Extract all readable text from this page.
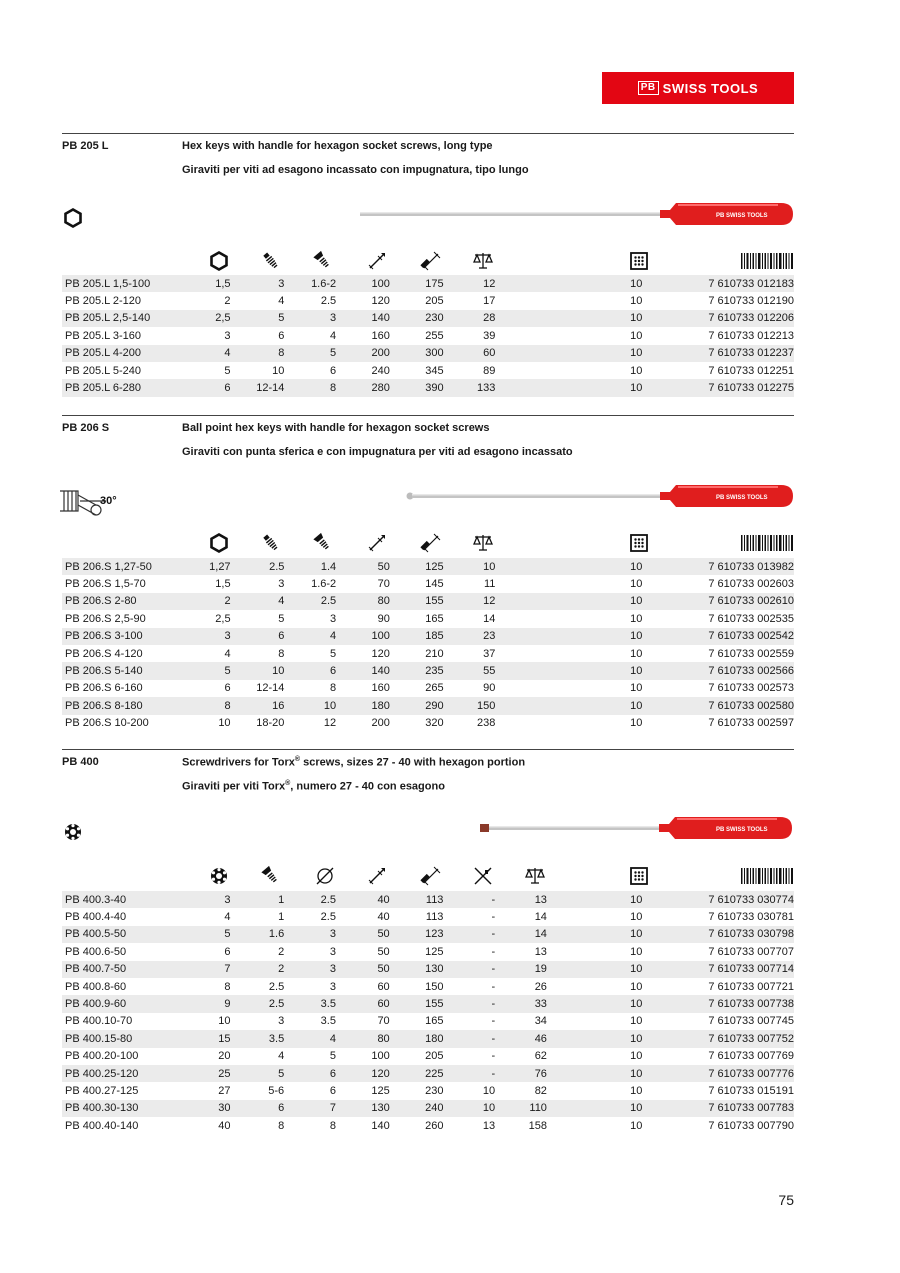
PB SWISS TOOLS
PB 205 L	Hex keys with handle for hexagon socket screws, long type
Giraviti per viti ad esagono incassato con impugnatura, tipo lungo
PB SWISS TOOLS
PB 205.L 1,5-100	1,5	3	1.6-2	100	175	12	10	7 610733 012183
PB 205.L 2-120	2	4	2.5	120	205	17	10	7 610733 012190
PB 205.L 2,5-140	2,5	5	3	140	230	28	10	7 610733 012206
PB 205.L 3-160	3	6	4	160	255	39	10	7 610733 012213
PB 205.L 4-200	4	8	5	200	300	60	10	7 610733 012237
PB 205.L 5-240	5	10	6	240	345	89	10	7 610733 012251
PB 205.L 6-280	6	12-14	8	280	390	133	10	7 610733 012275
PB 206 S	Ball point hex keys with handle for hexagon socket screws
Giraviti con punta sferica e con impugnatura per viti ad esagono incassato
30°	PB SWISS TOOLS
PB 206.S 1,27-50	1,27	2.5	1.4	50	125	10	10	7 610733 013982
PB 206.S 1,5-70	1,5	3	1.6-2	70	145	11	10	7 610733 002603
PB 206.S 2-80	2	4	2.5	80	155	12	10	7 610733 002610
PB 206.S 2,5-90	2,5	5	3	90	165	14	10	7 610733 002535
PB 206.S 3-100	3	6	4	100	185	23	10	7 610733 002542
PB 206.S 4-120	4	8	5	120	210	37	10	7 610733 002559
PB 206.S 5-140	5	10	6	140	235	55	10	7 610733 002566
PB 206.S 6-160	6	12-14	8	160	265	90	10	7 610733 002573
PB 206.S 8-180	8	16	10	180	290	150	10	7 610733 002580
PB 206.S 10-200	10	18-20	12	200	320	238	10	7 610733 002597
PB 400	Screwdrivers for Torx® screws, sizes 27 - 40 with hexagon portion
Giraviti per viti Torx®, numero 27 - 40 con esagono
PB SWISS TOOLS
PB 400.3-40	3	1	2.5	40	113	-	13	10	7 610733 030774
PB 400.4-40	4	1	2.5	40	113	-	14	10	7 610733 030781
PB 400.5-50	5	1.6	3	50	123	-	14	10	7 610733 030798
PB 400.6-50	6	2	3	50	125	-	13	10	7 610733 007707
PB 400.7-50	7	2	3	50	130	-	19	10	7 610733 007714
PB 400.8-60	8	2.5	3	60	150	-	26	10	7 610733 007721
PB 400.9-60	9	2.5	3.5	60	155	-	33	10	7 610733 007738
PB 400.10-70	10	3	3.5	70	165	-	34	10	7 610733 007745
PB 400.15-80	15	3.5	4	80	180	-	46	10	7 610733 007752
PB 400.20-100	20	4	5	100	205	-	62	10	7 610733 007769
PB 400.25-120	25	5	6	120	225	-	76	10	7 610733 007776
PB 400.27-125	27	5-6	6	125	230	10	82	10	7 610733 015191
PB 400.30-130	30	6	7	130	240	10	110	10	7 610733 007783
PB 400.40-140	40	8	8	140	260	13	158	10	7 610733 007790
75
